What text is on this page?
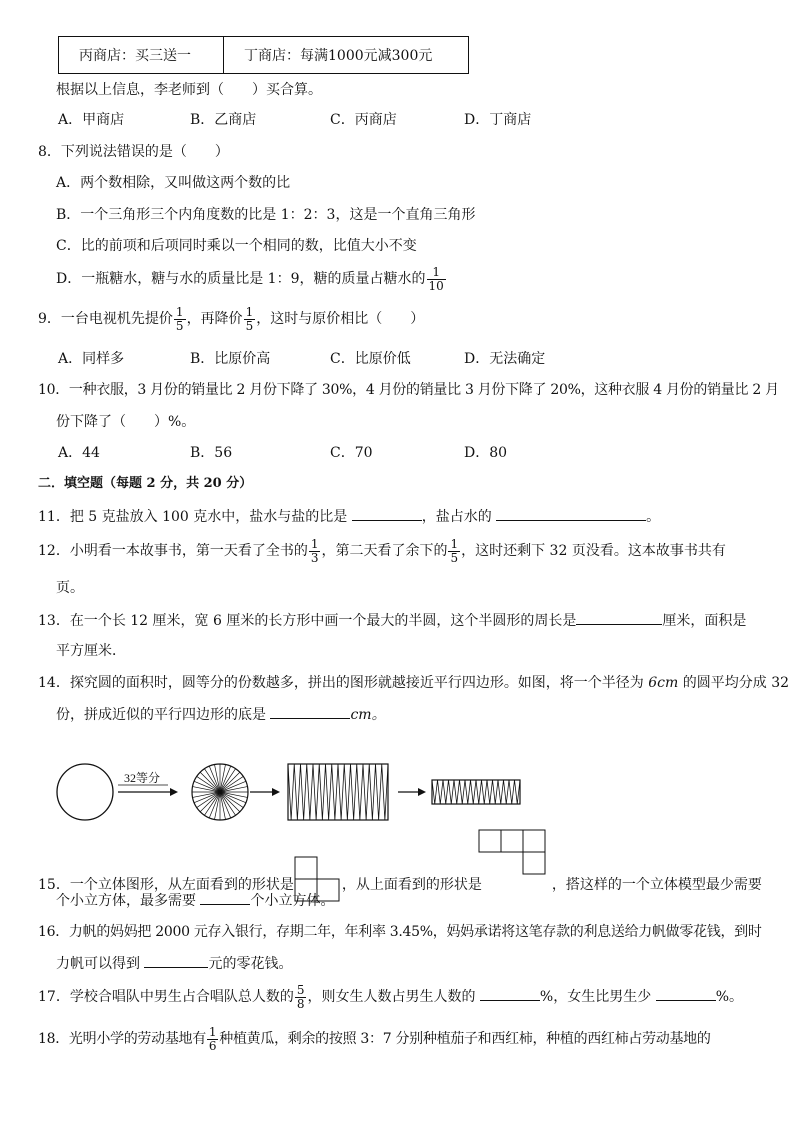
丙商店：买三送一	丁商店：每满1000元减300元
根据以上信息，李老师到（　　）买合算。
A．甲商店	B．乙商店	C．丙商店	D．丁商店
8．下列说法错误的是（　　）
A．两个数相除，又叫做这两个数的比
B．一个三角形三个内角度数的比是 1：2：3，这是一个直角三角形
C．比的前项和后项同时乘以一个相同的数，比值大小不变
D．一瓶糖水，糖与水的质量比是 1：9，糖的质量占糖水的 $\frac{1}{10}$
9．一台电视机先提价 $\frac{1}{5}$ ，再降价 $\frac{1}{5}$ ，这时与原价相比（　　）
A．同样多	B．比原价高	C．比原价低	D．无法确定
10．一种衣服，3 月份的销量比 2 月份下降了 30%，4 月份的销量比 3 月份下降了 20%，这种衣服 4 月份的销量比 2 月
份下降了（　　）%。
A．44	B．56	C．70	D．80
二．填空题（每题 2 分，共 20 分）
11．把 5 克盐放入 100 克水中，盐水与盐的比是	，盐占水的	。
12．小明看一本故事书，第一天看了全书的 $\frac{1}{3}$ ，第二天看了余下的 $\frac{1}{5}$ ，这时还剩下 32 页没看。这本故事书共有
页。
13．在一个长 12 厘米，宽 6 厘米的长方形中画一个最大的半圆，这个半圆形的周长是	厘米，面积是
平方厘米．
14．探究圆的面积时，圆等分的份数越多，拼出的图形就越接近平行四边形。如图，将一个半径为 6cm 的圆平均分成 32
份，拼成近似的平行四边形的底是	cm。
32等分
15．一个立体图形，从左面看到的形状是	，从上面看到的形状是	，搭这样的一个立体模型最少需要
个小立方体，最多需要	个小立方体。
16．力帆的妈妈把 2000 元存入银行，存期二年，年利率 3.45%，妈妈承诺将这笔存款的利息送给力帆做零花钱，到时
力帆可以得到	元的零花钱。
17．学校合唱队中男生占合唱队总人数的 $\frac{5}{8}$ ，则女生人数占男生人数的	%，女生比男生少	%。
18．光明小学的劳动基地有 $\frac{1}{6}$ 种植黄瓜，剩余的按照 3：7 分别种植茄子和西红柿，种植的西红柿占劳动基地的
